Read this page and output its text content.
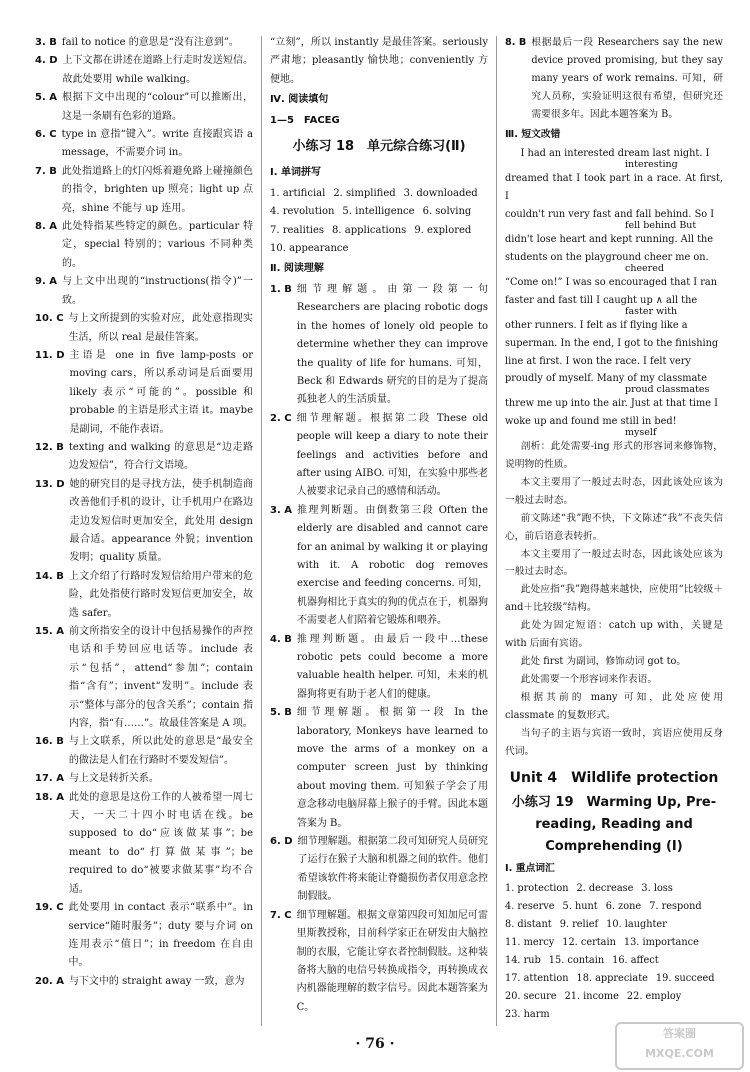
3. B fail to notice 的意思是“没有注意到”。
4. D 上下文都在讲述在道路上行走时发送短信。故此处要用 while walking。
5. A 根据下文中出现的“colour”可以推断出，这是一条刷有色彩的道路。
6. C type in 意指“键入”。write 直接跟宾语 a message，不需要介词 in。
7. B 此处指道路上的灯闪烁着避免路上碰撞颜色的指令，brighten up 照亮；light up 点亮，shine 不能与 up 连用。
8. A 此处特指某些特定的颜色。particular 特定，special 特别的；various 不同种类的。
9. A 与上文中出现的“instructions(指令)”一致。
10. C 与上文所提到的实验对应，此处意指现实生活，所以 real 是最佳答案。
11. D 主语是 one in five lamp-posts or moving cars，所以系动词是后面要用 likely 表示“可能的”。possible 和 probable 的主语是形式主语 it。maybe 是副词，不能作表语。
12. B texting and walking 的意思是“边走路边发短信”，符合行文语境。
13. D 她的研究目的是寻找方法，使手机制造商改善他们手机的设计，让手机用户在路边走边发短信时更加安全，此处用 design 最合适。appearance 外貌；invention 发明；quality 质量。
14. B 上文介绍了行路时发短信给用户带来的危险，此处指使行路时发短信更加安全，故选 safer。
15. A 前文所指安全的设计中包括易操作的声控电话和手势回应电话等。include 表示“包括”，attend“参加”；contain 指“含有”；invent“发明”。include 表示“整体与部分的包含关系”；contain 指内容，指“有……”。故最佳答案是 A 项。
16. B 与上文联系，所以此处的意思是“最安全的做法是人们在行路时不要发短信”。
17. A 与上文是转折关系。
18. A 此处的意思是这份工作的人被希望一周七天，一天二十四小时电话在线。be supposed to do“应该做某事”；be meant to do“打算做某事”；be required to do“被要求做某事”均不合适。
19. C 此处要用 in contact 表示“联系中”。in service“随时服务”；duty 要与介词 on 连用表示“值日”；in freedom 在自由中。
20. A 与下文中的 straight away 一致，意为
“立刻”，所以 instantly 是最佳答案。seriously 严肃地；pleasantly 愉快地；conveniently 方便地。
Ⅳ. 阅读填句
1—5　FACEG
小练习 18　单元综合练习(Ⅱ)
Ⅰ. 单词拼写
1. artificial 2. simplified 3. downloaded
4. revolution 5. intelligence 6. solving
7. realities 8. applications 9. explored
10. appearance
Ⅱ. 阅读理解
1. B 细节理解题。由第一段第一句 Researchers are placing robotic dogs in the homes of lonely old people to determine whether they can improve the quality of life for humans. 可知，Beck 和 Edwards 研究的目的是为了提高孤独老人的生活质量。
2. C 细节理解题。根据第二段 These old people will keep a diary to note their feelings and activities before and after using AIBO. 可知，在实验中那些老人被要求记录自己的感情和活动。
3. A 推理判断题。由倒数第三段 Often the elderly are disabled and cannot care for an animal by walking it or playing with it. A robotic dog removes exercise and feeding concerns. 可知，机器狗相比于真实的狗的优点在于，机器狗不需要老人们陪着它锻炼和喂养。
4. B 推理判断题。由最后一段中…these robotic pets could become a more valuable health helper. 可知，未来的机器狗将更有助于老人们的健康。
5. B 细节理解题。根据第一段 In the laboratory, Monkeys have learned to move the arms of a monkey on a computer screen just by thinking about moving them. 可知猴子学会了用意念移动电脑屏幕上猴子的手臂。因此本题答案为 B。
6. D 细节理解题。根据第二段可知研究人员研究了运行在猴子大脑和机器之间的软件。他们希望该软件将来能让脊髓损伤者仅用意念控制假肢。
7. C 细节理解题。根据文章第四段可知加尼可雷里斯教授称，目前科学家正在研发由大脑控制的衣服，它能让穿衣者控制假肢。这种装备将大脑的电信号转换成指令，再转换成衣内机器能理解的数字信号。因此本题答案为 C。
8. B 根据最后一段 Researchers say the new device proved promising, but they say many years of work remains. 可知，研究人员称，实验证明这很有希望，但研究还需要很多年。因此本题答案为 B。
Ⅲ. 短文改错

I had an interested dream last night. I

interesting

dreamed that I took part in a race. At first, I

couldn't run very fast and fall behind. So I

fell behind But

didn't lose heart and kept running. All the

students on the playground cheer me on.

cheered

“Come on!” I was so encouraged that I ran

faster and fast till I caught up ∧ all the

faster with

other runners. I felt as if flying like a

superman. In the end, I got to the finishing

line at first. I won the race. I felt very

proudly of myself. Many of my classmate

proud classmates

threw me up into the air. Just at that time I

woke up and found me still in bed!

myself

剖析：此处需要-ing 形式的形容词来修饰物，说明物的性质。
本文主要用了一般过去时态，因此该处应该为一般过去时态。
前文陈述“我”跑不快，下文陈述“我”不丧失信心，前后语意表转折。
本文主要用了一般过去时态，因此该处应该为一般过去时态。
此处应指“我”跑得越来越快，应使用“比较级＋and＋比较级”结构。
此处为固定短语：catch up with，关键是 with 后面有宾语。
此处 first 为副词，修饰动词 got to。
此处需要一个形容词来作表语。
根据其前的 many 可知，此处应使用 classmate 的复数形式。
当句子的主语与宾语一致时，宾语应使用反身代词。
Unit 4　Wildlife protection
小练习 19　Warming Up, Pre-reading, Reading and Comprehending (Ⅰ)
Ⅰ. 重点词汇
1. protection 2. decrease 3. loss
4. reserve 5. hunt 6. zone 7. respond
8. distant 9. relief 10. laughter
11. mercy 12. certain 13. importance
14. rub 15. contain 16. affect
17. attention 18. appreciate 19. succeed
20. secure 21. income 22. employ
23. harm
· 76 ·
答案圈
MXQE.COM
